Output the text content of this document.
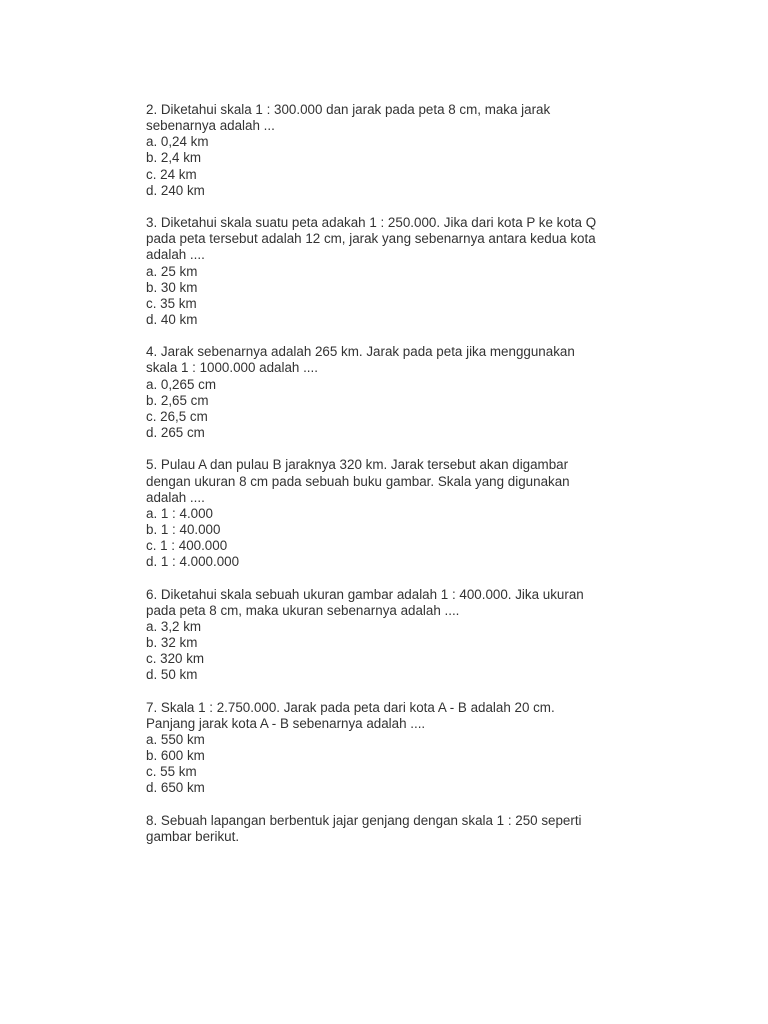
2. Diketahui skala 1 : 300.000 dan jarak pada peta 8 cm, maka jarak
sebenarnya adalah ...
a. 0,24 km
b. 2,4 km
c. 24 km
d. 240 km
3. Diketahui skala suatu peta adakah 1 : 250.000. Jika dari kota P ke kota Q
pada peta tersebut adalah 12 cm, jarak yang sebenarnya antara kedua kota
adalah ....
a. 25 km
b. 30 km
c. 35 km
d. 40 km
4. Jarak sebenarnya adalah 265 km. Jarak pada peta jika menggunakan
skala 1 : 1000.000 adalah ....
a. 0,265 cm
b. 2,65 cm
c. 26,5 cm
d. 265 cm
5. Pulau A dan pulau B jaraknya 320 km. Jarak tersebut akan digambar
dengan ukuran 8 cm pada sebuah buku gambar. Skala yang digunakan
adalah ....
a. 1 : 4.000
b. 1 : 40.000
c. 1 : 400.000
d. 1 : 4.000.000
6. Diketahui skala sebuah ukuran gambar adalah 1 : 400.000. Jika ukuran
pada peta 8 cm, maka ukuran sebenarnya adalah ....
a. 3,2 km
b. 32 km
c. 320 km
d. 50 km
7. Skala 1 : 2.750.000. Jarak pada peta dari kota A - B adalah 20 cm.
Panjang jarak kota A - B sebenarnya adalah ....
a. 550 km
b. 600 km
c. 55 km
d. 650 km
8. Sebuah lapangan berbentuk jajar genjang dengan skala 1 : 250 seperti
gambar berikut.
